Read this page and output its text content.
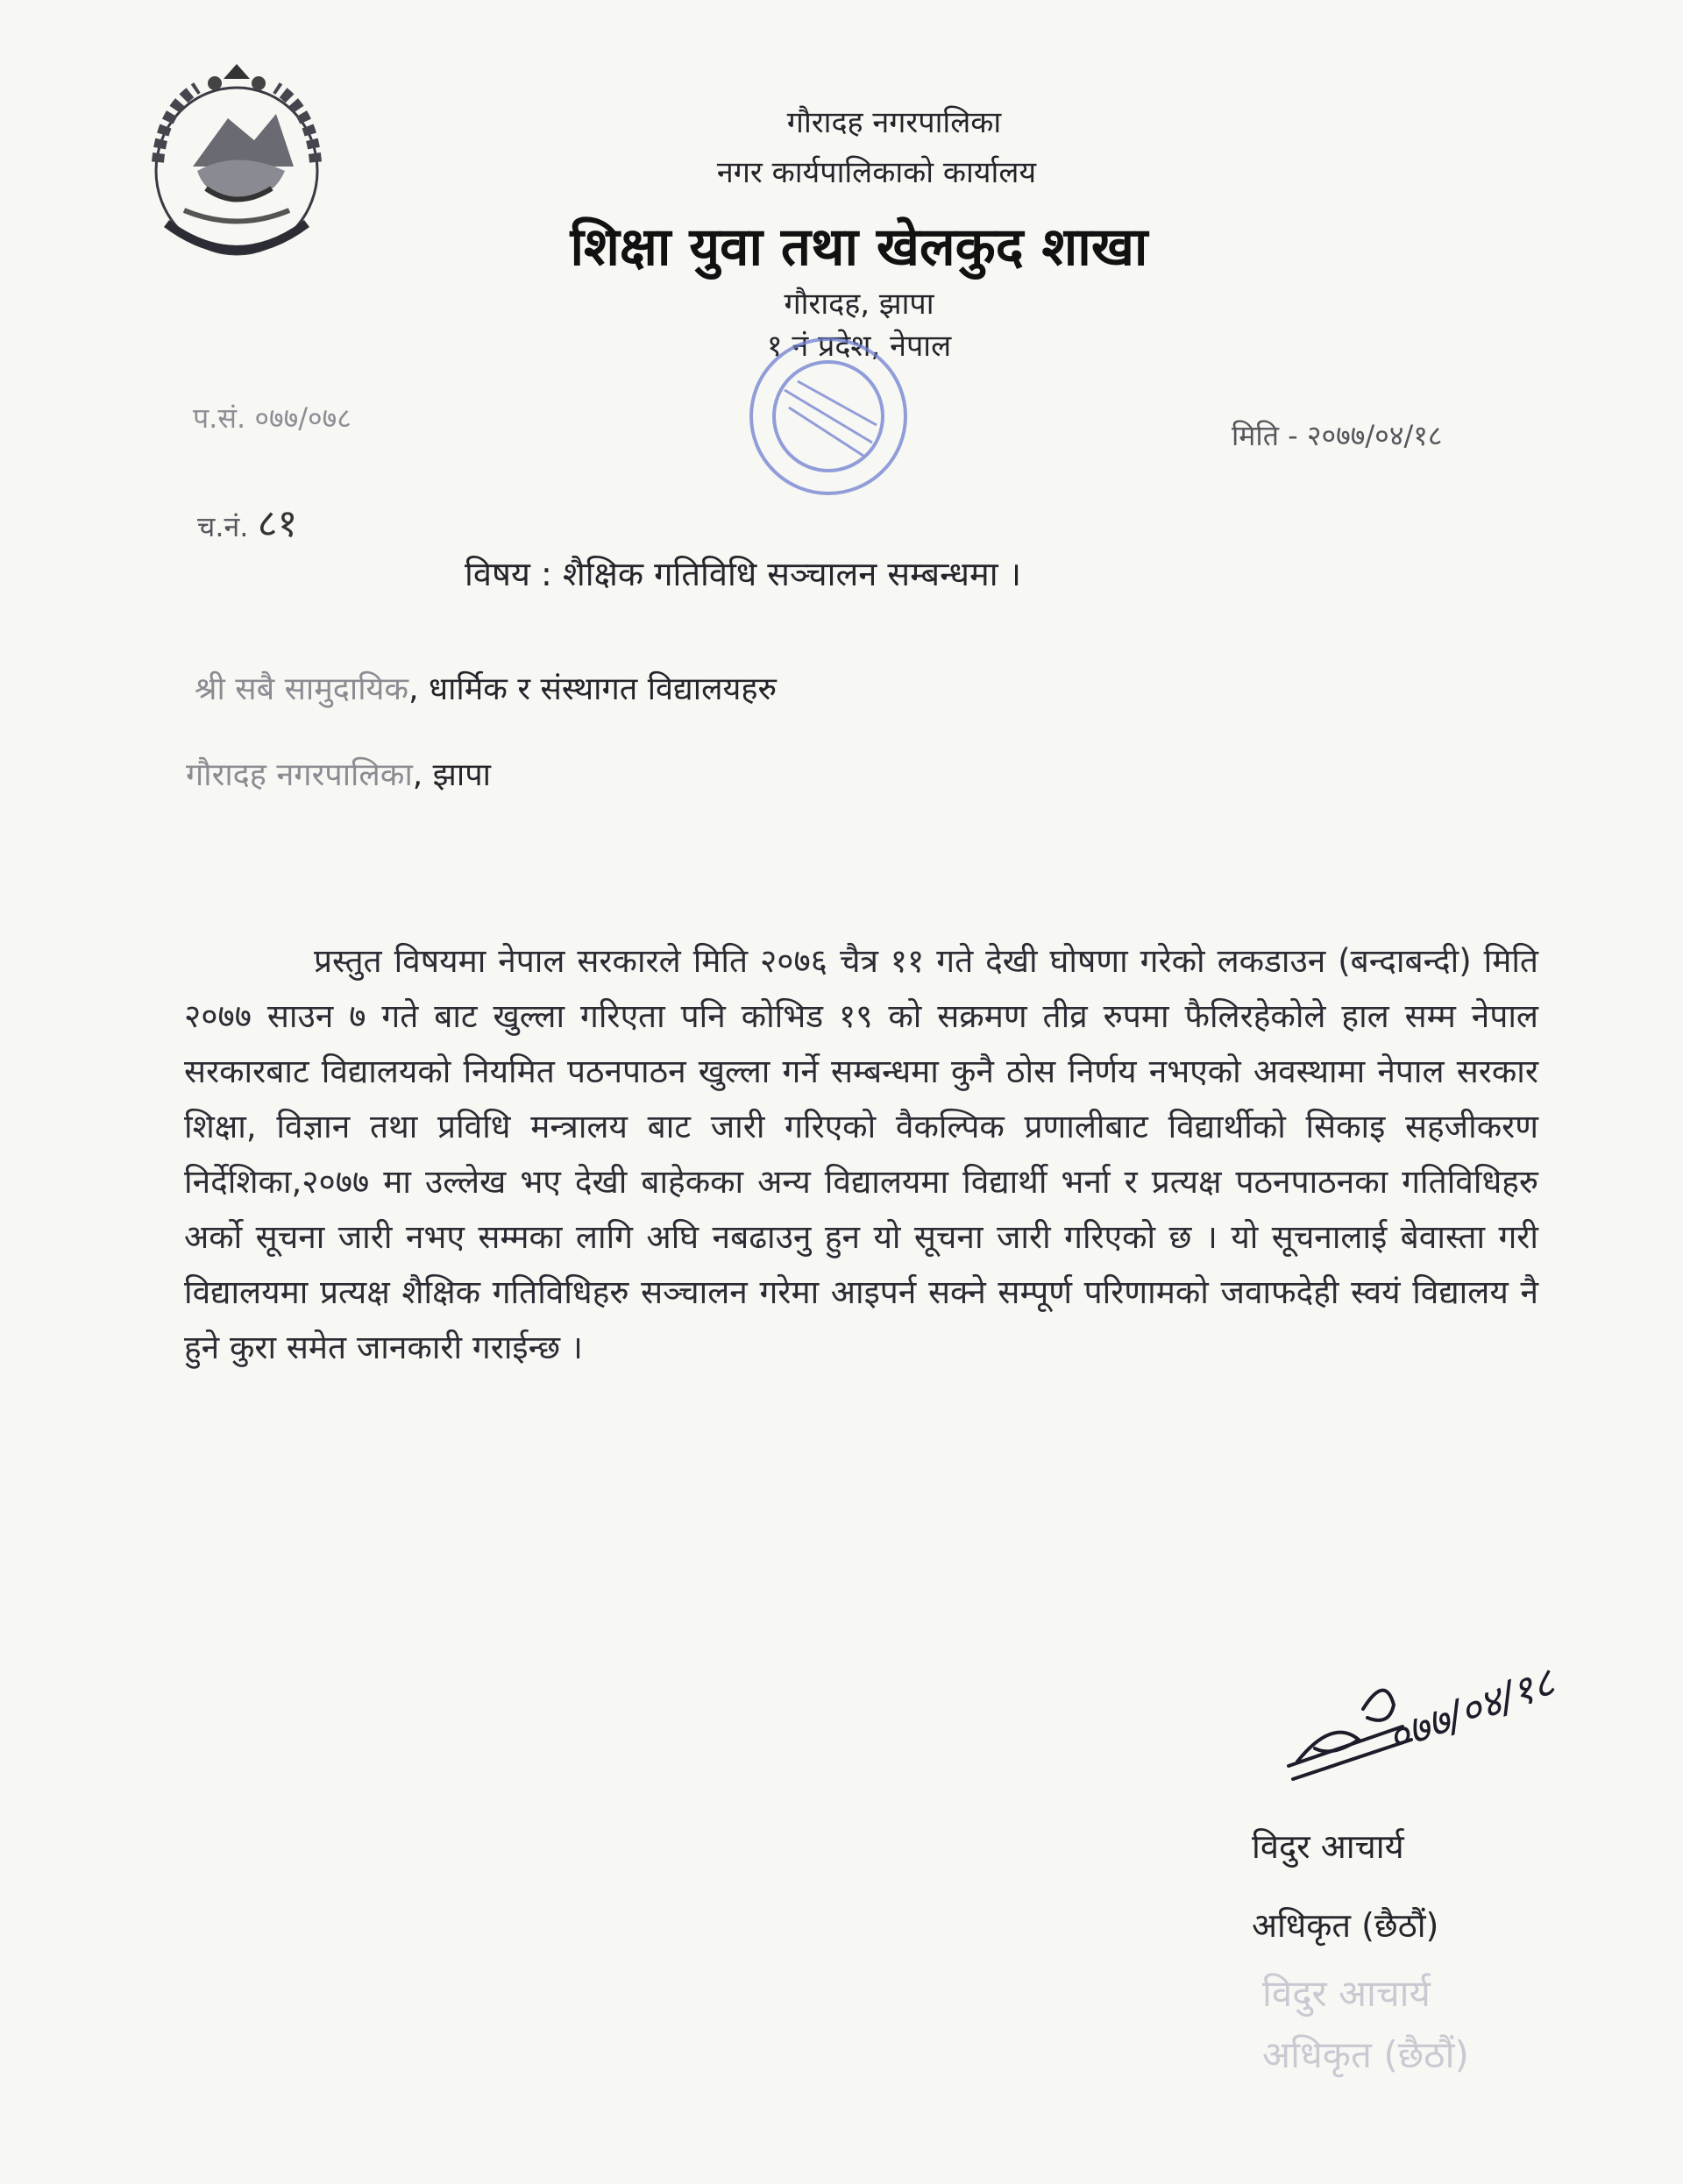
गौरादह नगरपालिका
नगर कार्यपालिकाको कार्यालय
शिक्षा युवा तथा खेलकुद शाखा
गौरादह, झापा
१ नं प्रदेश, नेपाल
प.सं. ०७७/०७८
मिति - २०७७/०४/१८
च.नं. ८१
विषय : शैक्षिक गतिविधि सञ्चालन सम्बन्धमा ।
श्री सबै सामुदायिक, धार्मिक र संस्थागत विद्यालयहरु
गौरादह नगरपालिका, झापा
प्रस्तुत विषयमा नेपाल सरकारले मिति २०७६ चैत्र ११ गते देखी घोषणा गरेको लकडाउन (बन्दाबन्दी) मिति २०७७ साउन ७ गते बाट खुल्ला गरिएता पनि कोभिड १९ को सक्रमण तीव्र रुपमा फैलिरहेकोले हाल सम्म नेपाल सरकारबाट विद्यालयको नियमित पठनपाठन खुल्ला गर्ने सम्बन्धमा कुनै ठोस निर्णय नभएको अवस्थामा नेपाल सरकार शिक्षा, विज्ञान तथा प्रविधि मन्त्रालय बाट जारी गरिएको वैकल्पिक प्रणालीबाट विद्यार्थीको सिकाइ सहजीकरण निर्देशिका,२०७७ मा उल्लेख भए देखी बाहेकका अन्य विद्यालयमा विद्यार्थी भर्ना र प्रत्यक्ष पठनपाठनका गतिविधिहरु अर्को सूचना जारी नभए सम्मका लागि अघि नबढाउनु हुन यो सूचना जारी गरिएको छ । यो सूचनालाई बेवास्ता गरी विद्यालयमा प्रत्यक्ष शैक्षिक गतिविधिहरु सञ्चालन गरेमा आइपर्न सक्ने सम्पूर्ण परिणामको जवाफदेही स्वयं विद्यालय नै हुने कुरा समेत जानकारी गराईन्छ ।
०७७/०४/१८
विदुर आचार्य
अधिकृत (छैठौं)
विदुर आचार्य
अधिकृत (छैठौं)
